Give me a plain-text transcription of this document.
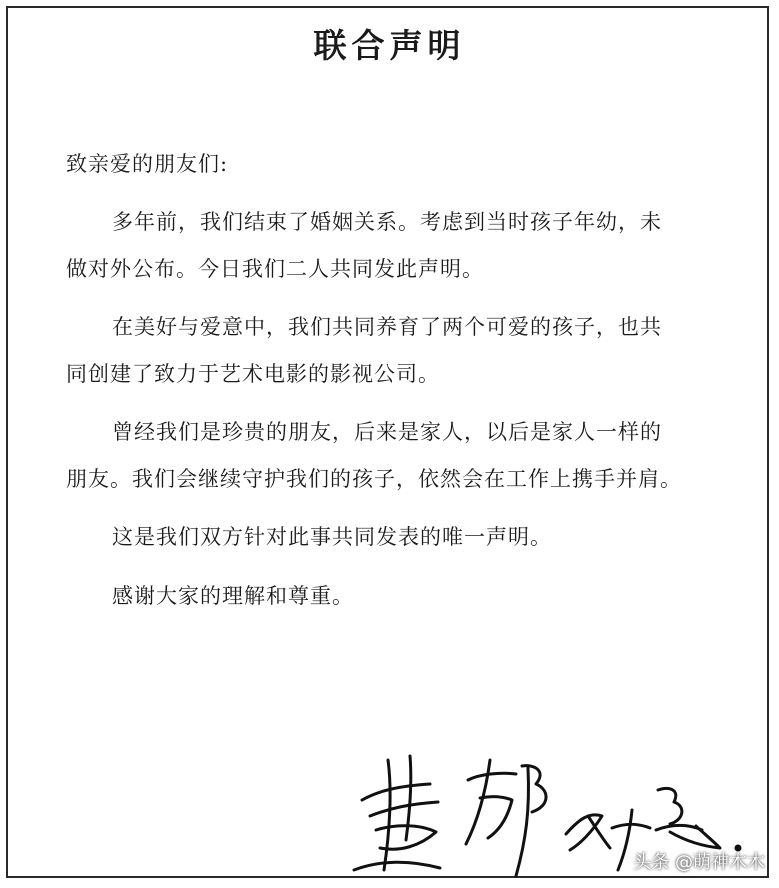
联合声明
致亲爱的朋友们:
多年前，我们结束了婚姻关系。考虑到当时孩子年幼，未
做对外公布。今日我们二人共同发此声明。
在美好与爱意中，我们共同养育了两个可爱的孩子，也共
同创建了致力于艺术电影的影视公司。
曾经我们是珍贵的朋友，后来是家人，以后是家人一样的
朋友。我们会继续守护我们的孩子，依然会在工作上携手并肩。
这是我们双方针对此事共同发表的唯一声明。
感谢大家的理解和尊重。
头条 @萌神木木
